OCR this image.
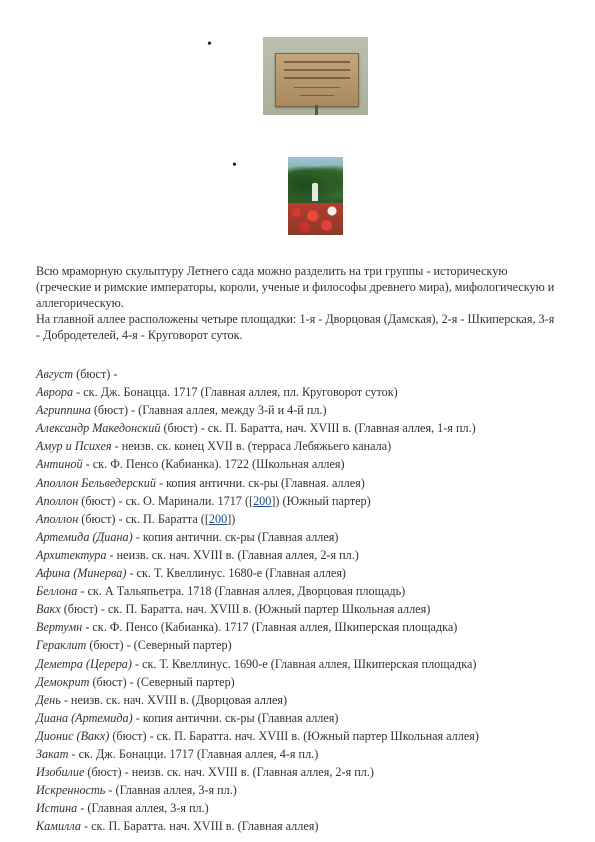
•
•

Всю мраморную скульптуру Летнего сада можно разделить на три группы - историческую (греческие и римские императоры, короли, ученые и философы древнего мира), мифологическую и аллегорическую.

На главной аллее расположены четыре площадки: 1-я - Дворцовая (Дамская), 2-я - Шкиперская, 3-я - Добродетелей, 4-я - Круговорот суток.

Август (бюст) -
Аврора - ск. Дж. Бонацца. 1717 (Главная аллея, пл. Круговорот суток)
Агриппина (бюст) - (Главная аллея, между 3-й и 4-й пл.)
Александр Македонский (бюст) - ск. П. Баратта, нач. XVIII в. (Главная аллея, 1-я пл.)
Амур и Психея - неизв. ск. конец XVII в. (терраса Лебяжьего канала)
Антиной - ск. Ф. Пенсо (Кабианка). 1722 (Школьная аллея)
Аполлон Бельведерский - копия антични. ск-ры (Главная. аллея)
Аполлон (бюст) - ск. О. Маринали. 1717 ([200]) (Южный партер)
Аполлон (бюст) - ск. П. Баратта ([200])
Артемида (Диана) - копия антични. ск-ры (Главная аллея)
Архитектура - неизв. ск. нач. XVIII в. (Главная аллея, 2-я пл.)
Афина (Минерва) - ск. Т. Квеллинус. 1680-е (Главная аллея)
Беллона - ск. А Тальяпьетра. 1718 (Главная аллея, Дворцовая площадь)
Вакх (бюст) - ск. П. Баратта. нач. XVIII в. (Южный партер Школьная аллея)
Вертумн - ск. Ф. Пенсо (Кабианка). 1717 (Главная аллея, Шкиперская площадка)
Гераклит (бюст) - (Северный партер)
Деметра (Церера) - ск. Т. Квеллинус. 1690-е (Главная аллея, Шкиперская площадка)
Демокрит (бюст) - (Северный партер)
День - неизв. ск. нач. XVIII в. (Дворцовая аллея)
Диана (Артемида) - копия антични. ск-ры (Главная аллея)
Дионис (Вакх) (бюст) - ск. П. Баратта. нач. XVIII в. (Южный партер Школьная аллея)
Закат - ск. Дж. Бонацци. 1717 (Главная аллея, 4-я пл.)
Изобилие (бюст) - неизв. ск. нач. XVIII в. (Главная аллея, 2-я пл.)
Искренность - (Главная аллея, 3-я пл.)
Истина - (Главная аллея, 3-я пл.)
Камилла - ск. П. Баратта. нач. XVIII в. (Главная аллея)
